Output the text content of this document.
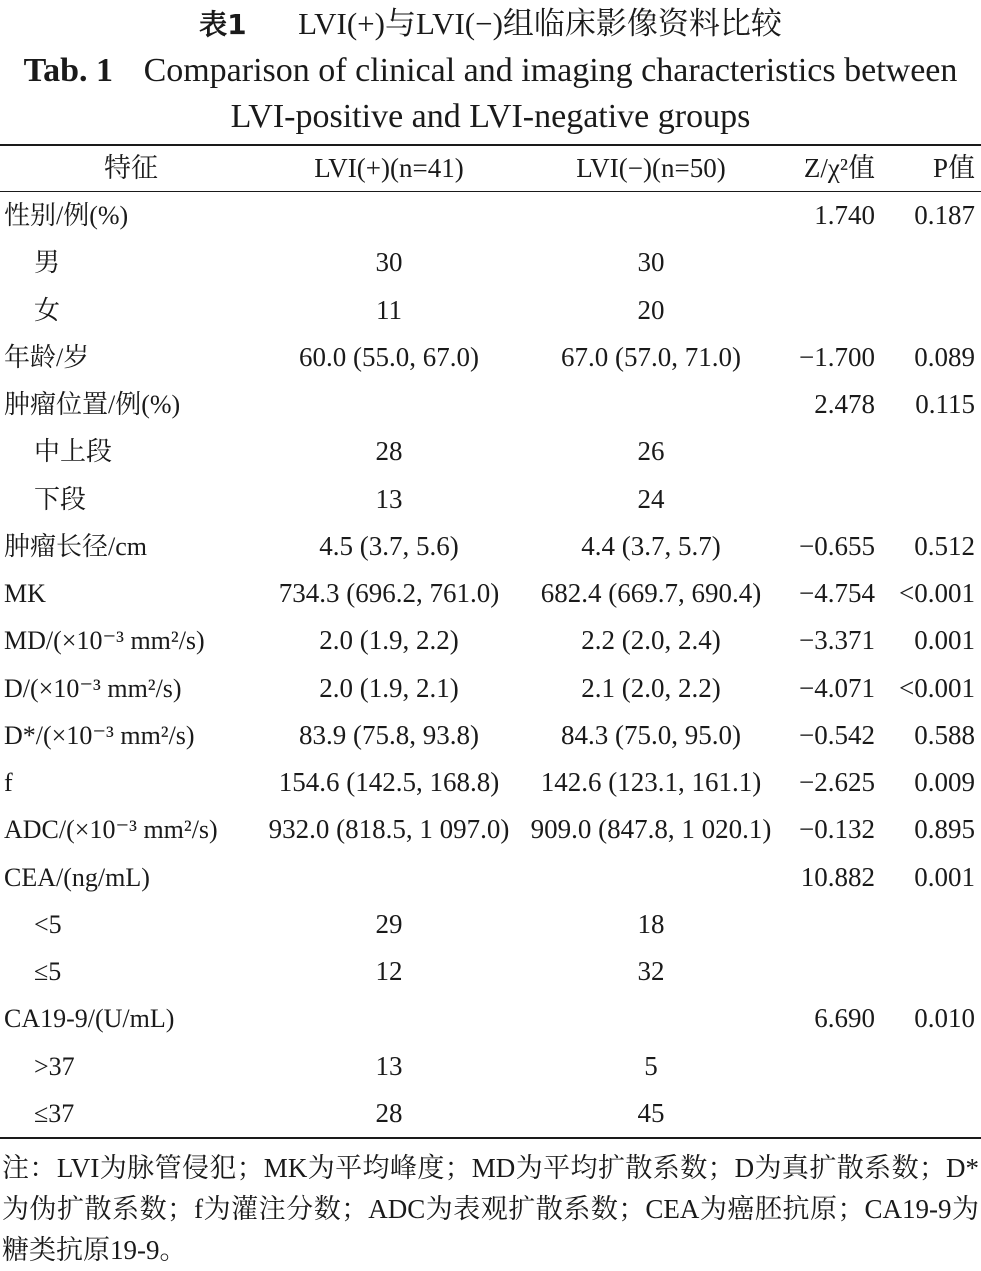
表1 LVI(+)与LVI(−)组临床影像资料比较
Tab. 1 Comparison of clinical and imaging characteristics between LVI-positive and LVI-negative groups
特征	LVI(+)(n=41)	LVI(−)(n=50)	Z/χ²值	P值
性别/例(%)			1.740	0.187
男	30	30		
女	11	20		
年龄/岁	60.0 (55.0, 67.0)	67.0 (57.0, 71.0)	−1.700	0.089
肿瘤位置/例(%)			2.478	0.115
中上段	28	26		
下段	13	24		
肿瘤长径/cm	4.5 (3.7, 5.6)	4.4 (3.7, 5.7)	−0.655	0.512
MK	734.3 (696.2, 761.0)	682.4 (669.7, 690.4)	−4.754	<0.001
MD/(×10⁻³ mm²/s)	2.0 (1.9, 2.2)	2.2 (2.0, 2.4)	−3.371	0.001
D/(×10⁻³ mm²/s)	2.0 (1.9, 2.1)	2.1 (2.0, 2.2)	−4.071	<0.001
D*/(×10⁻³ mm²/s)	83.9 (75.8, 93.8)	84.3 (75.0, 95.0)	−0.542	0.588
f	154.6 (142.5, 168.8)	142.6 (123.1, 161.1)	−2.625	0.009
ADC/(×10⁻³ mm²/s)	932.0 (818.5, 1 097.0)	909.0 (847.8, 1 020.1)	−0.132	0.895
CEA/(ng/mL)			10.882	0.001
<5	29	18		
≤5	12	32		
CA19-9/(U/mL)			6.690	0.010
>37	13	5		
≤37	28	45		
注：LVI为脉管侵犯；MK为平均峰度；MD为平均扩散系数；D为真扩散系数；D*为伪扩散系数；f为灌注分数；ADC为表观扩散系数；CEA为癌胚抗原；CA19-9为糖类抗原19-9。
